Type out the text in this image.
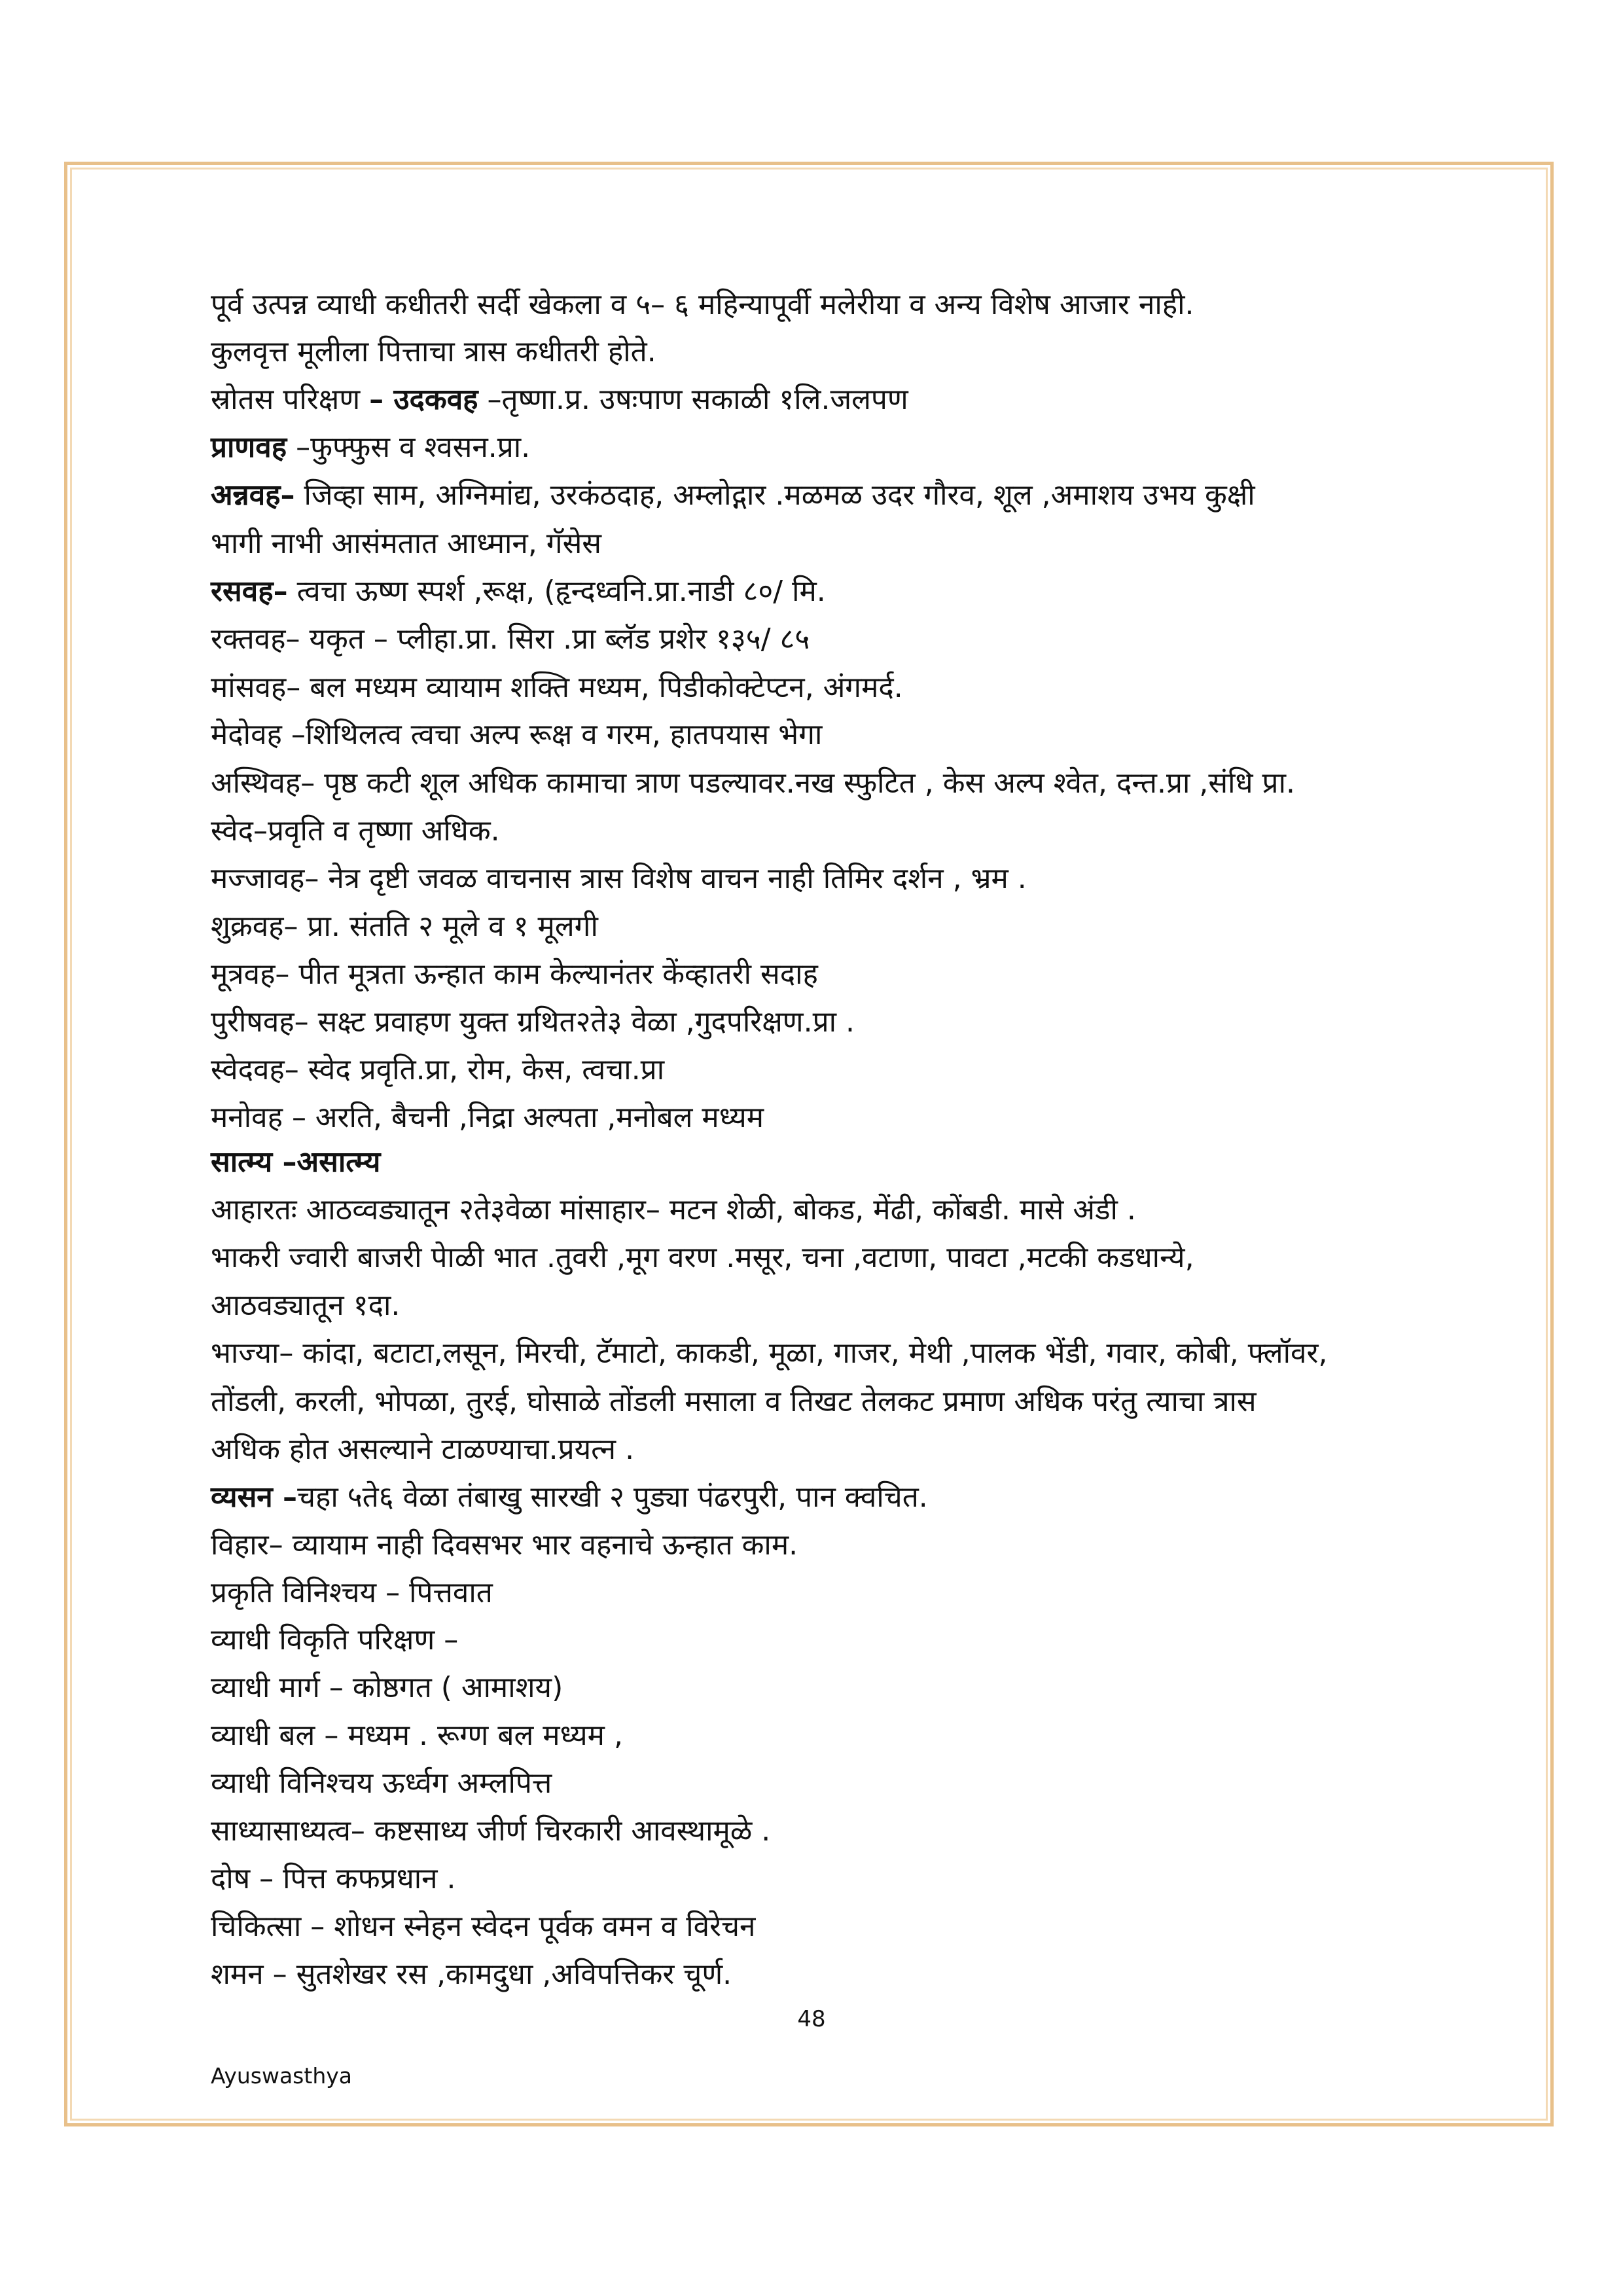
पूर्व उत्पन्न व्याधी कधीतरी सर्दी खेकला व ५– ६ महिन्यापूर्वी मलेरीया व अन्य विशेष आजार नाही.
कुलवृत्त मूलीला पित्ताचा त्रास कधीतरी होते.
स्रोतस परिक्षण – उदकवह –तृष्णा.प्र. उषःपाण सकाळी १लि.जलपण
प्राणवह –फुफ्फुस व श्वसन.प्रा.
अन्नवह– जिव्हा साम, अग्निमांद्य, उरकंठदाह, अम्लोद्गार .मळमळ उदर गौरव, शूल ,अमाशय उभय कुक्षी
भागी नाभी आसंमतात आध्मान, गॅसेस
रसवह– त्वचा ऊष्ण स्पर्श ,रूक्ष, (हृन्दध्वनि.प्रा.नाडी ८०/ मि.
रक्तवह– यकृत – प्लीहा.प्रा. सिरा .प्रा ब्लॅड प्रशेर १३५/ ८५
मांसवह– बल मध्यम व्यायाम शक्ति मध्यम, पिडीकोक्टेप्टन, अंगमर्द.
मेदोवह –शिथिलत्व त्वचा अल्प रूक्ष व गरम, हातपयास भेगा
अस्थिवह– पृष्ठ कटी शूल अधिक कामाचा त्राण पडल्यावर.नख स्फुटित , केस अल्प श्वेत, दन्त.प्रा ,संधि प्रा.
स्वेद–प्रवृति व तृष्णा अधिक.
मज्जावह– नेत्र दृष्टी जवळ वाचनास त्रास विशेष वाचन नाही तिमिर दर्शन , भ्रम .
शुक्रवह– प्रा. संतति २ मूले व १ मूलगी
मूत्रवह– पीत मूत्रता ऊन्हात काम केल्यानंतर केंव्हातरी सदाह
पुरीषवह– सक्ष्ट प्रवाहण युक्त ग्रथित२ते३ वेळा ,गुदपरिक्षण.प्रा .
स्वेदवह– स्वेद प्रवृति.प्रा, रोम, केस, त्वचा.प्रा
मनोवह – अरति, बैचनी ,निद्रा अल्पता ,मनोबल मध्यम
सात्म्य –असात्म्य
आहारतः आठव्वड्यातून २ते३वेळा मांसाहार– मटन शेळी, बोकड, मेंढी, कोंबडी. मासे अंडी .
भाकरी ज्वारी बाजरी पेाळी भात .तुवरी ,मूग वरण .मसूर, चना ,वटाणा, पावटा ,मटकी कडधान्ये,
आठवड्यातून १दा.
भाज्या– कांदा, बटाटा,लसून, मिरची, टॅमाटो, काकडी, मूळा, गाजर, मेथी ,पालक भेंडी, गवार, कोबी, फ्लॉवर,
तोंडली, करली, भोपळा, तुरई, घोसाळे तोंडली मसाला व तिखट तेलकट प्रमाण अधिक परंतु त्याचा त्रास
अधिक होत असल्याने टाळण्याचा.प्रयत्न .
व्यसन –चहा ५ते६ वेळा तंबाखु सारखी २ पुड्या पंढरपुरी, पान क्वचित.
विहार– व्यायाम नाही दिवसभर भार वहनाचे ऊन्हात काम.
प्रकृति विनिश्चय – पित्तवात
व्याधी विकृति परिक्षण –
व्याधी मार्ग – कोष्ठगत ( आमाशय)
व्याधी बल – मध्यम . रूग्ण बल मध्यम ,
व्याधी विनिश्चय ऊर्ध्वग अम्लपित्त
साध्यासाध्यत्व– कष्टसाध्य जीर्ण चिरकारी आवस्थामूळे .
दोष – पित्त कफप्रधान .
चिकित्सा – शोधन स्नेहन स्वेदन पूर्वक वमन व विरेचन
शमन – सुतशेखर रस ,कामदुधा ,अविपत्तिकर चूर्ण.
48
Ayuswasthya
